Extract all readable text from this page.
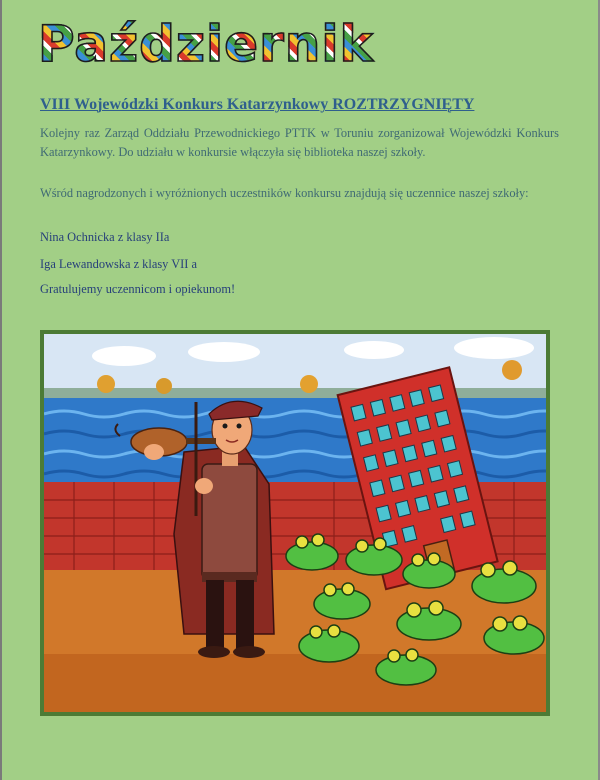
Październik

VIII Wojewódzki Konkurs Katarzynkowy ROZTRZYGNIĘTY

Kolejny raz Zarząd Oddziału Przewodnickiego PTTK w Toruniu zorganizował Wojewódzki Konkurs Katarzynkowy. Do udziału w konkursie włączyła się biblioteka naszej szkoły.

Wśród nagrodzonych i wyróżnionych uczestników konkursu znajdują się uczennice naszej szkoły:

Nina Ochnicka z klasy IIa

Iga Lewandowska z klasy VII a

Gratulujemy uczennicom i opiekunom!
